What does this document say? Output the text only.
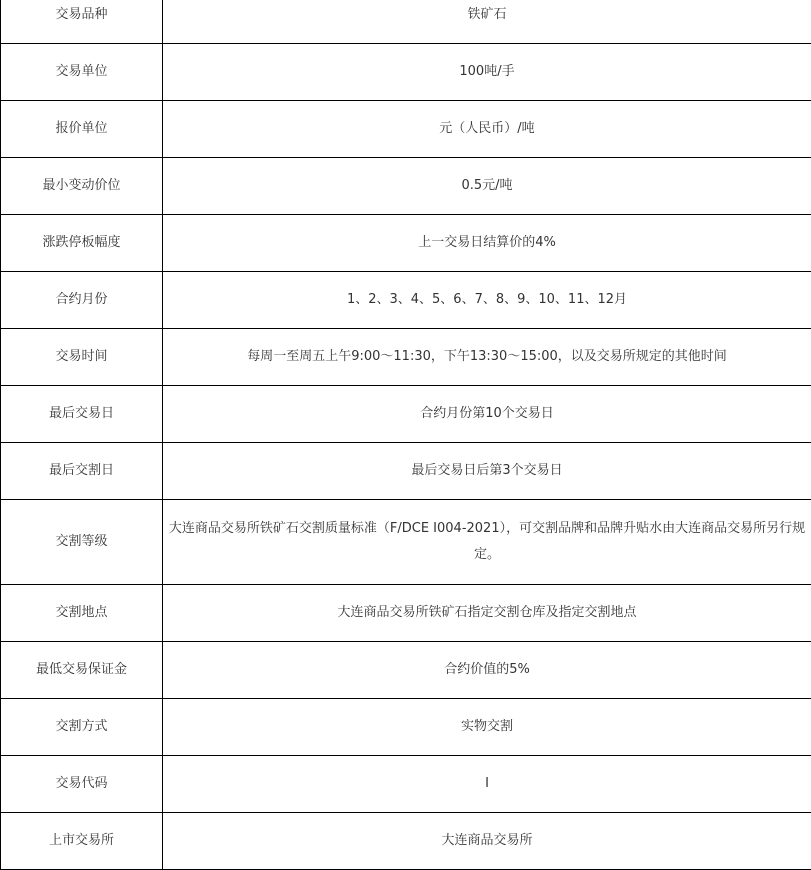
交易品种	铁矿石
交易单位	100吨/手
报价单位	元（人民币）/吨
最小变动价位	0.5元/吨
涨跌停板幅度	上一交易日结算价的4%
合约月份	1、2、3、4、5、6、7、8、9、10、11、12月
交易时间	每周一至周五上午9:00～11:30，下午13:30～15:00，以及交易所规定的其他时间
最后交易日	合约月份第10个交易日
最后交割日	最后交易日后第3个交易日
交割等级	大连商品交易所铁矿石交割质量标准（F/DCE I004-2021），可交割品牌和品牌升贴水由大连商品交易所另行规定。
交割地点	大连商品交易所铁矿石指定交割仓库及指定交割地点
最低交易保证金	合约价值的5%
交割方式	实物交割
交易代码	I
上市交易所	大连商品交易所
